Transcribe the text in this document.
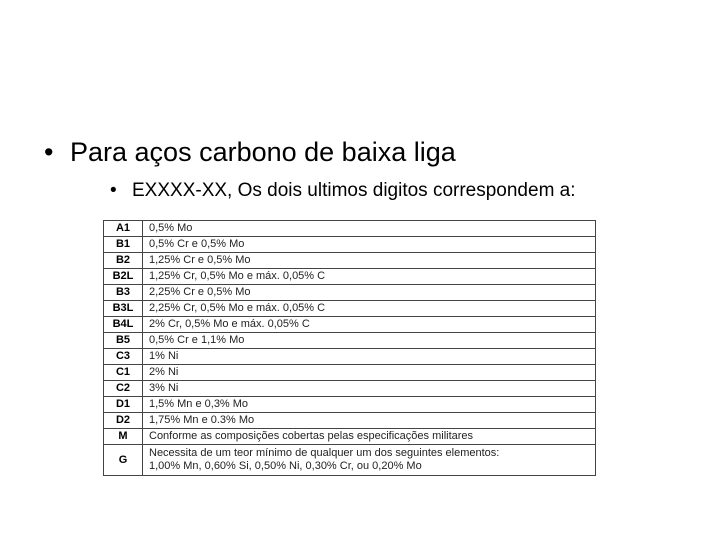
• Para aços carbono de baixa liga
• EXXXX-XX, Os dois ultimos digitos correspondem a:
A1	0,5% Mo
B1	0,5% Cr e 0,5% Mo
B2	1,25% Cr e 0,5% Mo
B2L	1,25% Cr, 0,5% Mo e máx. 0,05% C
B3	2,25% Cr e 0,5% Mo
B3L	2,25% Cr, 0,5% Mo e máx. 0,05% C
B4L	2% Cr, 0,5% Mo e máx. 0,05% C
B5	0,5% Cr e 1,1% Mo
C3	1% Ni
C1	2% Ni
C2	3% Ni
D1	1,5% Mn e 0,3% Mo
D2	1,75% Mn e 0.3% Mo
M	Conforme as composições cobertas pelas especificações militares
G	Necessita de um teor mínimo de qualquer um dos seguintes elementos:
1,00% Mn, 0,60% Si, 0,50% Ni, 0,30% Cr, ou 0,20% Mo
